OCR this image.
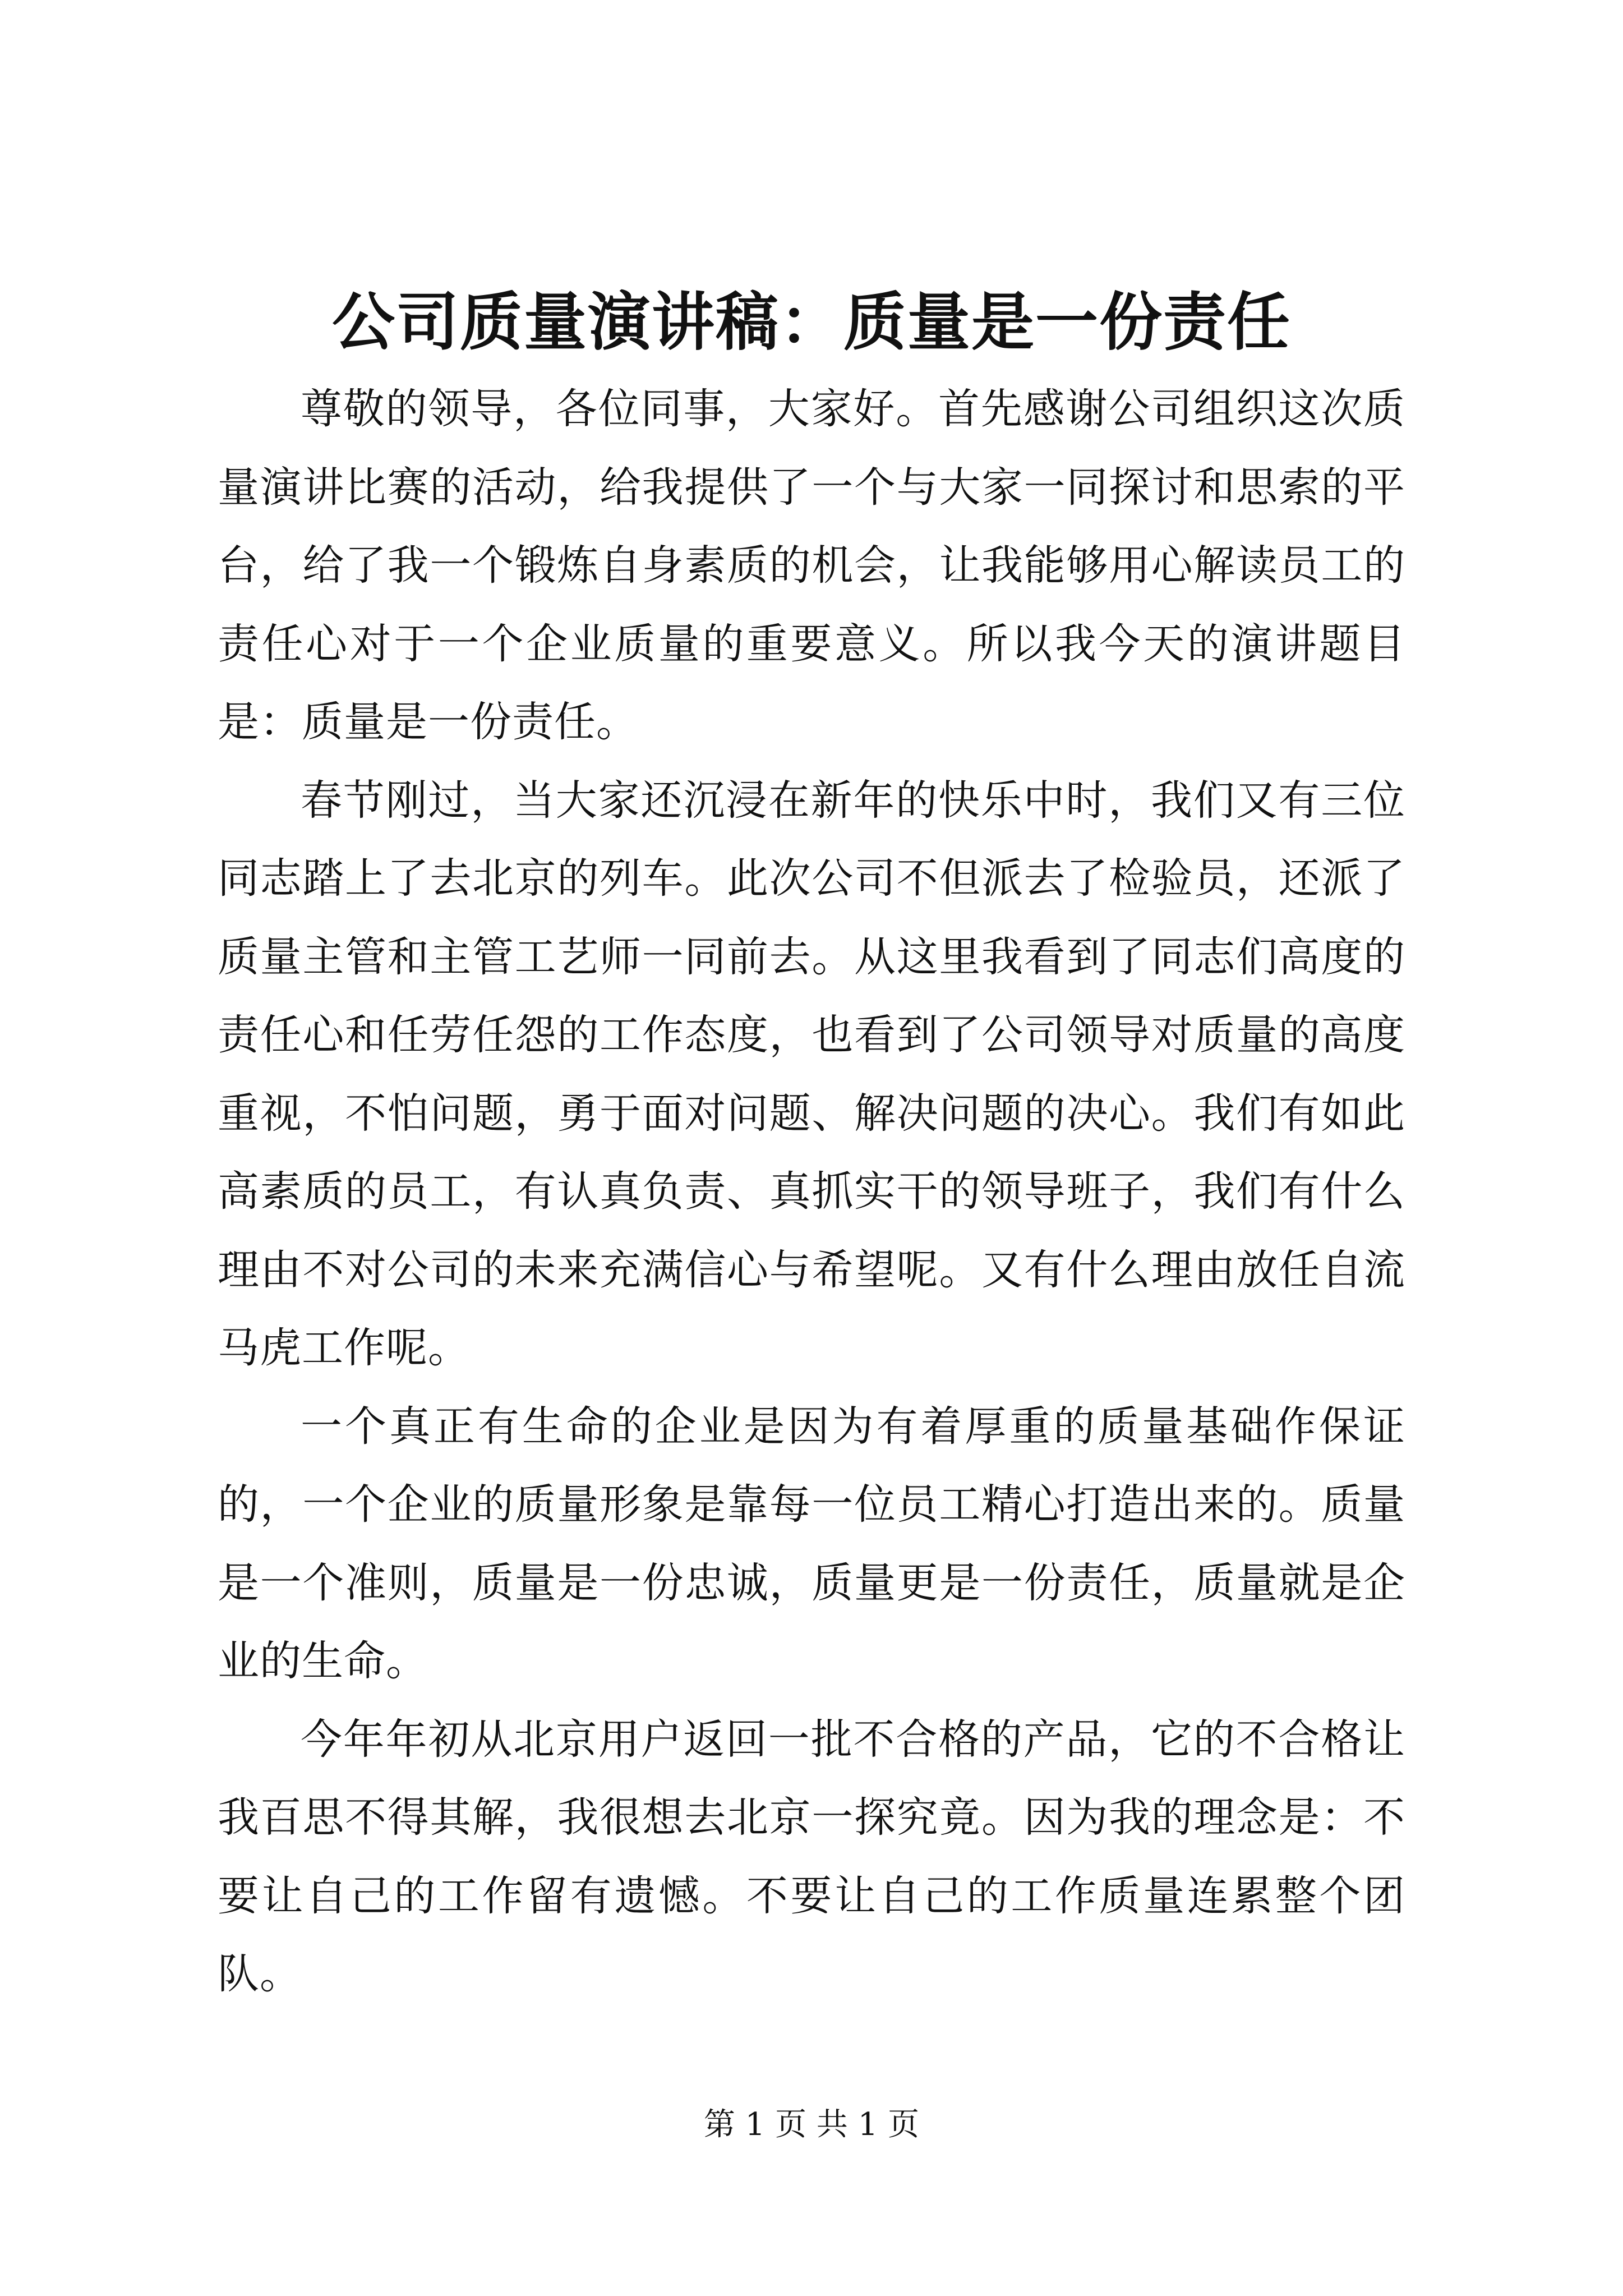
公司质量演讲稿：质量是一份责任

尊敬的领导，各位同事，大家好。首先感谢公司组织这次质量演讲比赛的活动，给我提供了一个与大家一同探讨和思索的平台，给了我一个锻炼自身素质的机会，让我能够用心解读员工的责任心对于一个企业质量的重要意义。所以我今天的演讲题目是：质量是一份责任。

春节刚过，当大家还沉浸在新年的快乐中时，我们又有三位同志踏上了去北京的列车。此次公司不但派去了检验员，还派了质量主管和主管工艺师一同前去。从这里我看到了同志们高度的责任心和任劳任怨的工作态度，也看到了公司领导对质量的高度重视，不怕问题，勇于面对问题、解决问题的决心。我们有如此高素质的员工，有认真负责、真抓实干的领导班子，我们有什么理由不对公司的未来充满信心与希望呢。又有什么理由放任自流马虎工作呢。

一个真正有生命的企业是因为有着厚重的质量基础作保证的，一个企业的质量形象是靠每一位员工精心打造出来的。质量是一个准则，质量是一份忠诚，质量更是一份责任，质量就是企业的生命。

今年年初从北京用户返回一批不合格的产品，它的不合格让我百思不得其解，我很想去北京一探究竟。因为我的理念是：不要让自己的工作留有遗憾。不要让自己的工作质量连累整个团队。

第 1 页 共 1 页
